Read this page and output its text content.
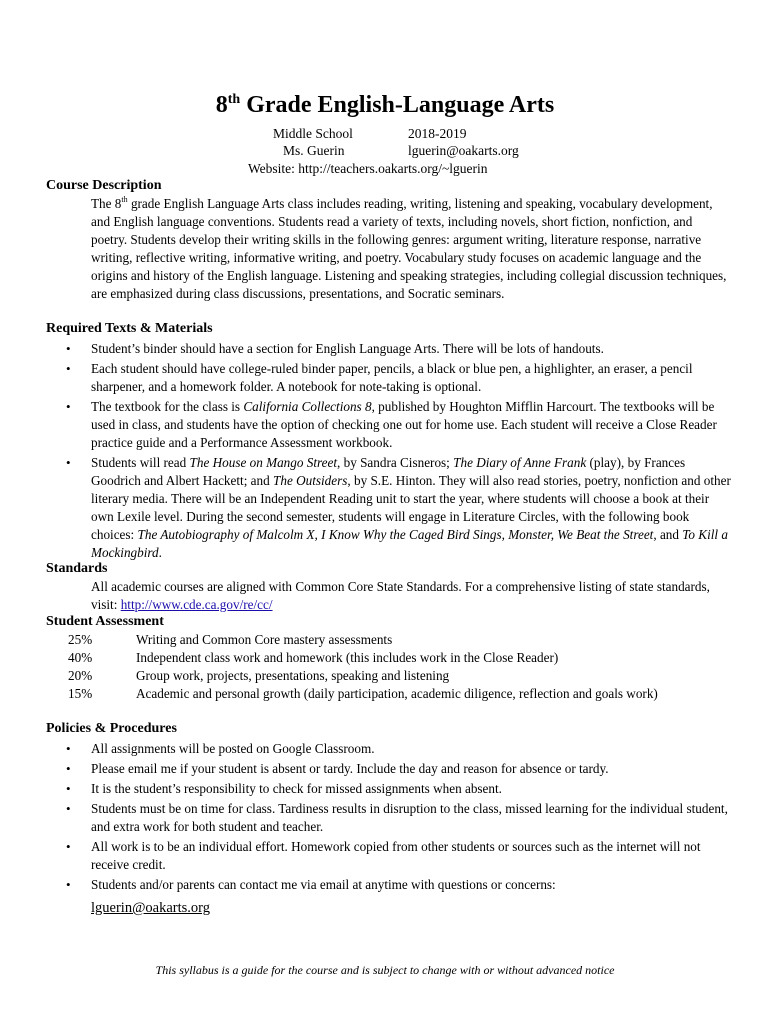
8th Grade English-Language Arts
Middle School	2018-2019
Ms. Guerin	lguerin@oakarts.org
Website: http://teachers.oakarts.org/~lguerin
Course Description
The 8th grade English Language Arts class includes reading, writing, listening and speaking, vocabulary development, and English language conventions. Students read a variety of texts, including novels, short fiction, nonfiction, and poetry. Students develop their writing skills in the following genres: argument writing, literature response, narrative writing, reflective writing, informative writing, and poetry. Vocabulary study focuses on academic language and the origins and history of the English language. Listening and speaking strategies, including collegial discussion techniques, are emphasized during class discussions, presentations, and Socratic seminars.
Required Texts & Materials
• Student’s binder should have a section for English Language Arts. There will be lots of handouts.
• Each student should have college-ruled binder paper, pencils, a black or blue pen, a highlighter, an eraser, a pencil sharpener, and a homework folder. A notebook for note-taking is optional.
• The textbook for the class is California Collections 8, published by Houghton Mifflin Harcourt. The textbooks will be used in class, and students have the option of checking one out for home use. Each student will receive a Close Reader practice guide and a Performance Assessment workbook.
• Students will read The House on Mango Street, by Sandra Cisneros; The Diary of Anne Frank (play), by Frances Goodrich and Albert Hackett; and The Outsiders, by S.E. Hinton. They will also read stories, poetry, nonfiction and other literary media. There will be an Independent Reading unit to start the year, where students will choose a book at their own Lexile level. During the second semester, students will engage in Literature Circles, with the following book choices: The Autobiography of Malcolm X, I Know Why the Caged Bird Sings, Monster, We Beat the Street, and To Kill a Mockingbird.
Standards
All academic courses are aligned with Common Core State Standards. For a comprehensive listing of state standards, visit: http://www.cde.ca.gov/re/cc/
Student Assessment
25%	Writing and Common Core mastery assessments
40%	Independent class work and homework (this includes work in the Close Reader)
20%	Group work, projects, presentations, speaking and listening
15%	Academic and personal growth (daily participation, academic diligence, reflection and goals work)
Policies & Procedures
• All assignments will be posted on Google Classroom.
• Please email me if your student is absent or tardy. Include the day and reason for absence or tardy.
• It is the student’s responsibility to check for missed assignments when absent.
• Students must be on time for class. Tardiness results in disruption to the class, missed learning for the individual student, and extra work for both student and teacher.
• All work is to be an individual effort. Homework copied from other students or sources such as the internet will not receive credit.
• Students and/or parents can contact me via email at anytime with questions or concerns:
lguerin@oakarts.org
This syllabus is a guide for the course and is subject to change with or without advanced notice
